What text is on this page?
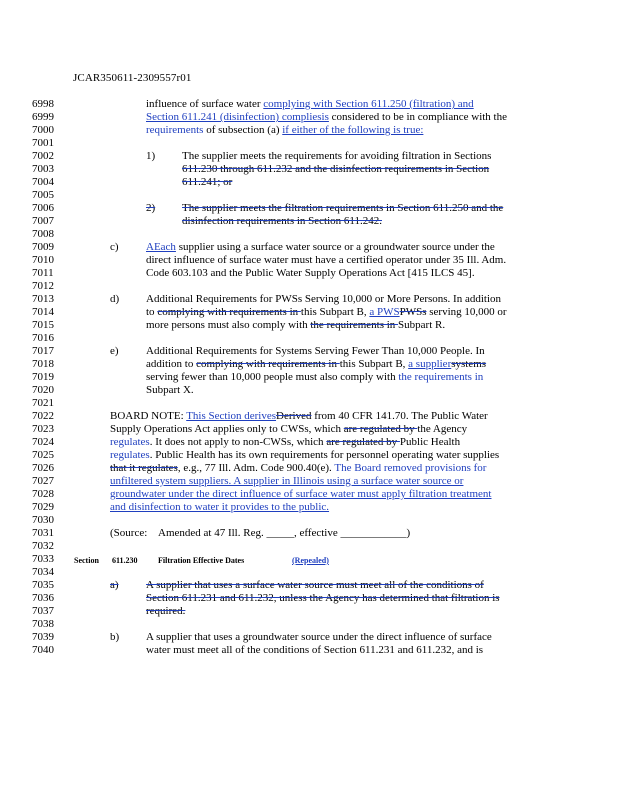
JCAR350611-2309557r01
6998
6999
7000
7001
7002
7003
7004
7005
7006
7007
7008
7009
7010
7011
7012
7013
7014
7015
7016
7017
7018
7019
7020
7021
7022
7023
7024
7025
7026
7027
7028
7029
7030
7031
7032
7033
7034
7035
7036
7037
7038
7039
7040
influence of surface water complying with Section 611.250 (filtration) and
Section 611.241 (disinfection) compliesis considered to be in compliance with the
requirements of subsection (a) if either of the following is true:
1) The supplier meets the requirements for avoiding filtration in Sections
611.230 through 611.232 and the disinfection requirements in Section
611.241; or
2) The supplier meets the filtration requirements in Section 611.250 and the
disinfection requirements in Section 611.242.
c) AEach supplier using a surface water source or a groundwater source under the
direct influence of surface water must have a certified operator under 35 Ill. Adm.
Code 603.103 and the Public Water Supply Operations Act [415 ILCS 45].
d) Additional Requirements for PWSs Serving 10,000 or More Persons. In addition
to complying with requirements in this Subpart B, a PWSPWSs serving 10,000 or
more persons must also comply with the requirements in Subpart R.
e) Additional Requirements for Systems Serving Fewer Than 10,000 People. In
addition to complying with requirements in this Subpart B, a suppliersystems
serving fewer than 10,000 people must also comply with the requirements in
Subpart X.
BOARD NOTE: This Section derivesDerived from 40 CFR 141.70. The Public Water
Supply Operations Act applies only to CWSs, which are regulated by the Agency
regulates. It does not apply to non-CWSs, which are regulated by Public Health
regulates. Public Health has its own requirements for personnel operating water supplies
that it regulates, e.g., 77 Ill. Adm. Code 900.40(e). The Board removed provisions for
unfiltered system suppliers. A supplier in Illinois using a surface water source or
groundwater under the direct influence of surface water must apply filtration treatment
and disinfection to water it provides to the public.
(Source: Amended at 47 Ill. Reg. _____, effective ____________)
Section 611.230	Filtration Effective Dates	(Repealed)
a) A supplier that uses a surface water source must meet all of the conditions of
Section 611.231 and 611.232, unless the Agency has determined that filtration is
required.
b) A supplier that uses a groundwater source under the direct influence of surface
water must meet all of the conditions of Section 611.231 and 611.232, and is
